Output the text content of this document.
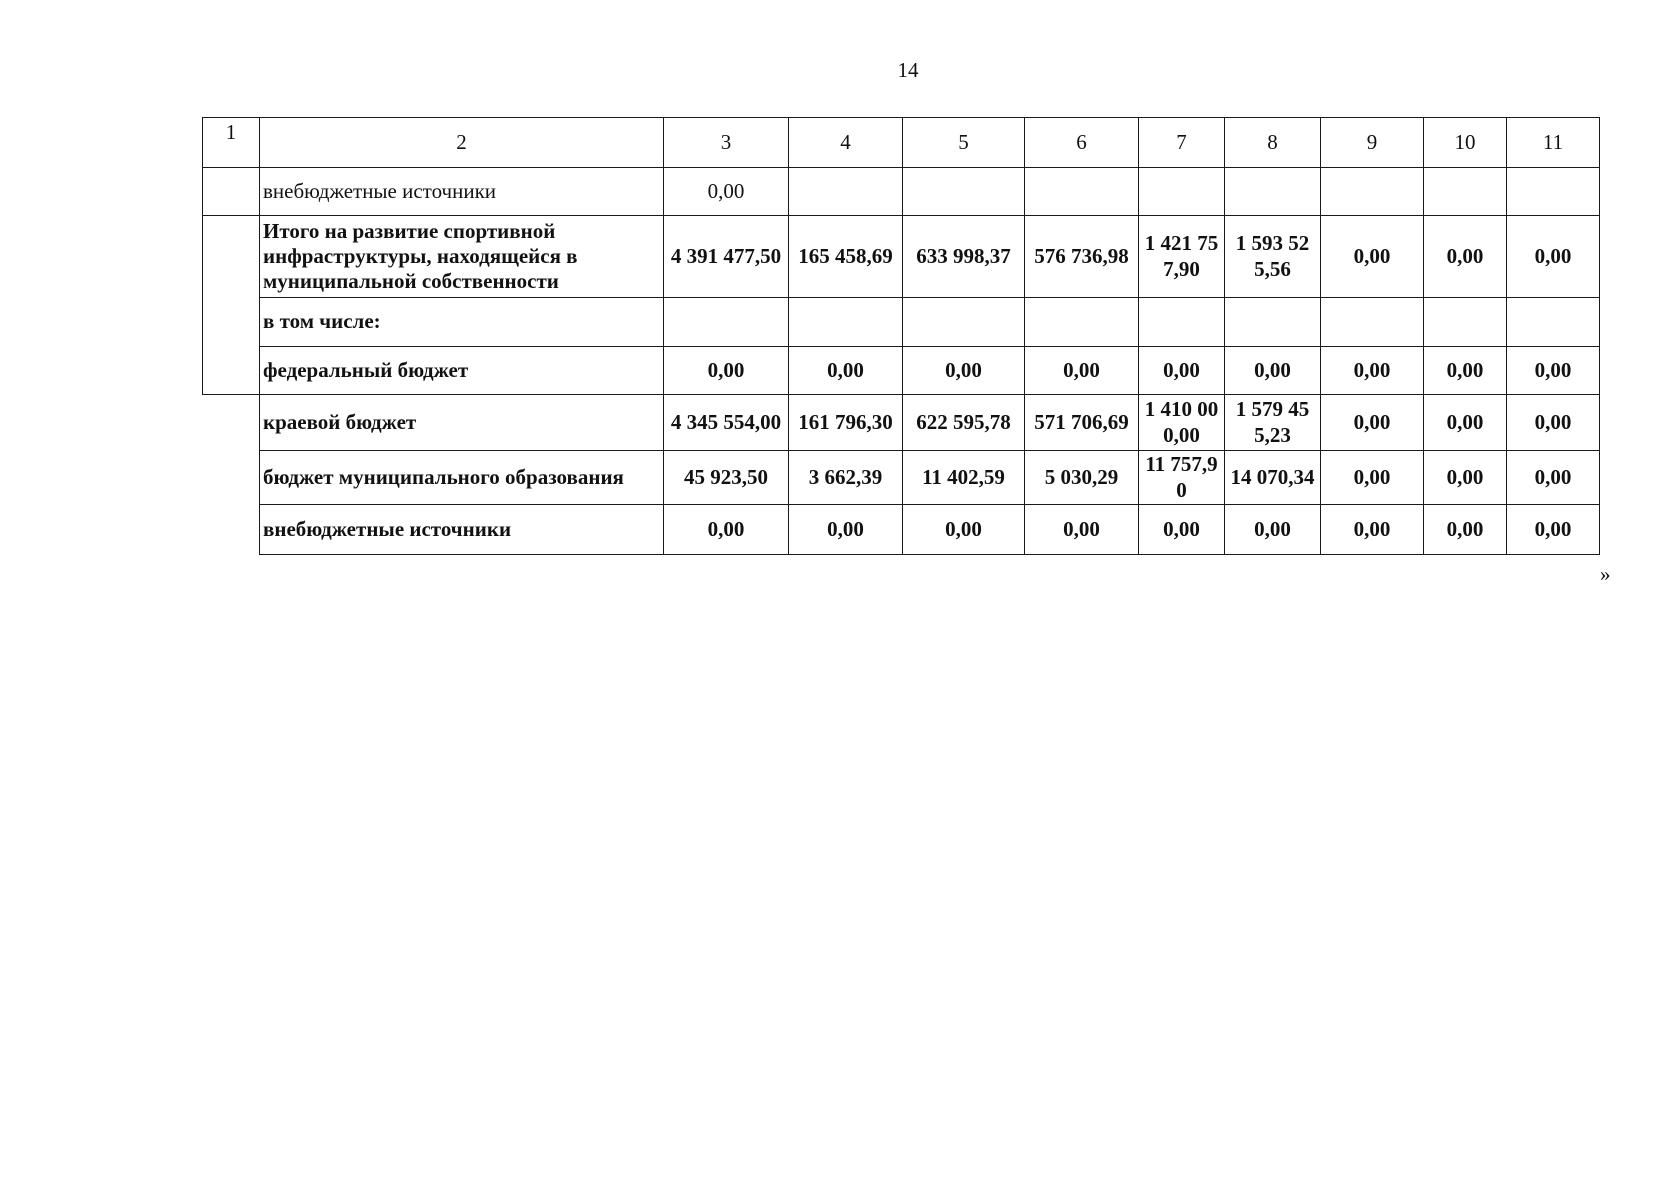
14
1	2	3	4	5	6	7	8	9	10	11
	внебюджетные источники	0,00								
	Итого на развитие спортивной инфраструктуры, находящейся в муниципальной собственности	4 391 477,50	165 458,69	633 998,37	576 736,98	1 421 757,90	1 593 525,56	0,00	0,00	0,00
	в том числе:									
	федеральный бюджет	0,00	0,00	0,00	0,00	0,00	0,00	0,00	0,00	0,00
	краевой бюджет	4 345 554,00	161 796,30	622 595,78	571 706,69	1 410 000,00	1 579 455,23	0,00	0,00	0,00
	бюджет муниципального образования	45 923,50	3 662,39	11 402,59	5 030,29	11 757,90	14 070,34	0,00	0,00	0,00
	внебюджетные источники	0,00	0,00	0,00	0,00	0,00	0,00	0,00	0,00	0,00
»
